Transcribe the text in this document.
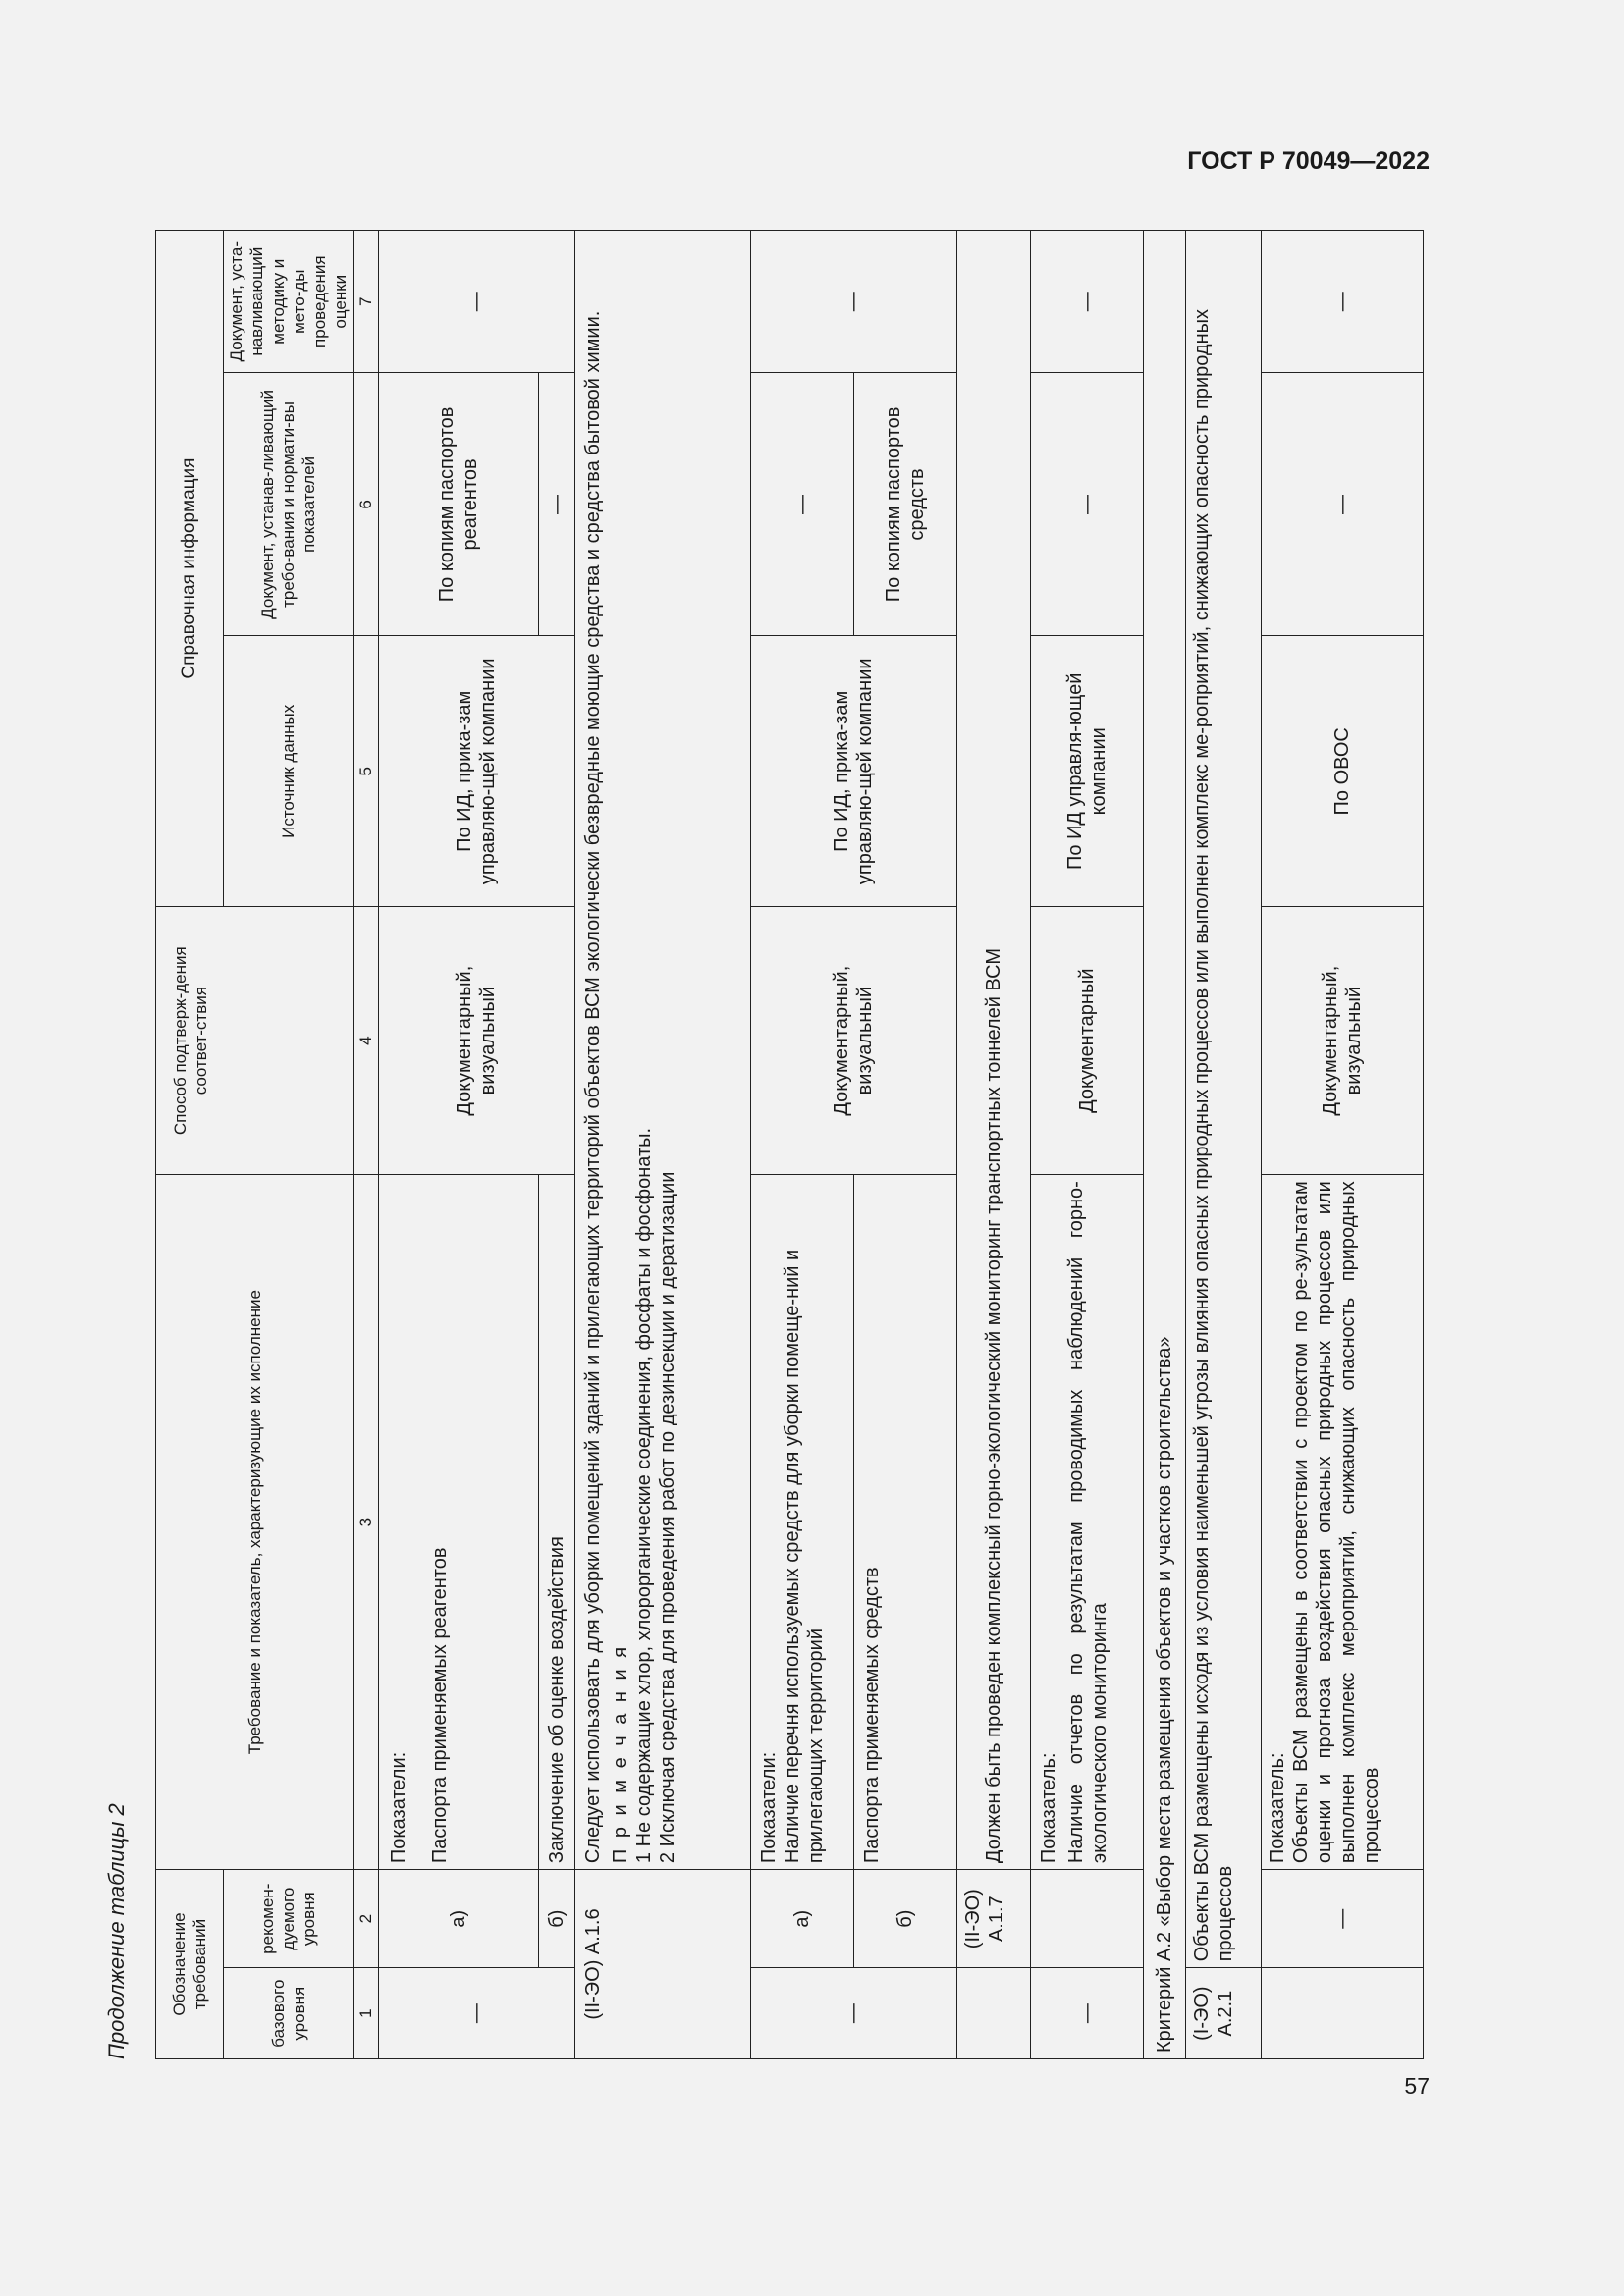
ГОСТ Р 70049—2022
Продолжение таблицы 2 Обозначение требований		Требование и показатель, характеризующие их исполнение	Способ подтверж-дения соответ-ствия	Справочная информация		
базового уровня	рекомен-дуемого уровня			Источник данных	Документ, устанав-ливающий требо-вания и нормати-вы показателей	Документ, уста-навливающий методику и мето-ды проведения оценки
1	2	3	4	5	6	7
—	а)	Показатели: Паспорта применяемых реагентов	Документарный, визуальный	По ИД, прика-зам управляю-щей компании	По копиям паспортов реагентов	—
	б)	Заключение об оценке воздействия			—	
(II-ЭО) А.1.6		Следует использовать для уборки помещений зданий и прилегающих территорий объектов ВСМ экологически безвредные моющие средства и средства бытовой химии. П р и м е ч а н и я 1 Не содержащие хлор, хлорорганические соединения, фосфаты и фосфонаты. 2 Исключая средства для проведения работ по дезинсекции и дератизации				

—	а)	Показатели: Наличие перечня используемых средств для уборки помеще-ний и прилегающих территорий	Документарный, визуальный	По ИД, прика-зам управляю-щей компании	—	—
	б)	Паспорта применяемых средств			По копиям паспортов средств	
	(II-ЭО) А.1.7	Должен быть проведен комплексный горно-экологический мониторинг транспортных тоннелей ВСМ				
—		Показатель: Наличие отчетов по результатам проводимых наблюдений горно-экологического мониторинга	Документарный	По ИД управля-ющей компании	—	—
Критерий А.2 «Выбор места размещения объектов и участков строительства»						
(I-ЭО) А.2.1	Объекты ВСМ размещены исходя из условия наименьшей угрозы влияния опасных природных процессов или выполнен комплекс ме-роприятий, снижающих опасность природных процессов					
	—	Показатель: Объекты ВСМ размещены в соответствии с проектом по ре-зультатам оценки и прогноза воздействия опасных природных процессов или выполнен комплекс мероприятий, снижающих опасность природных процессов	Документарный, визуальный	По ОВОС	—	—
57
